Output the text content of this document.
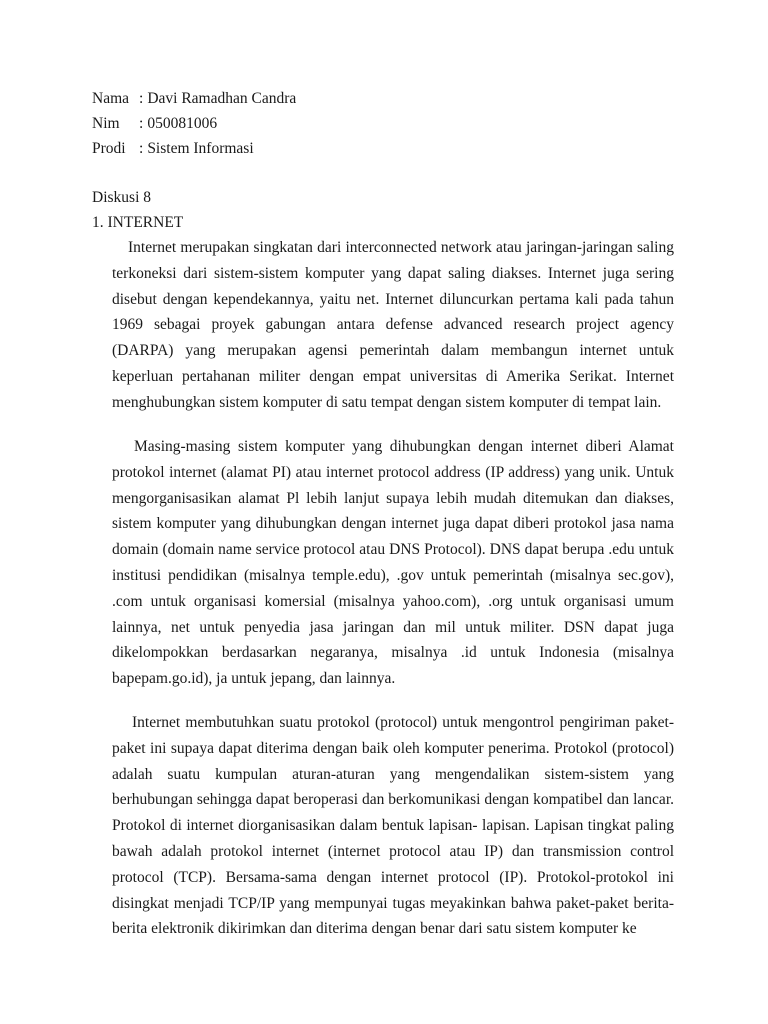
Nama : Davi Ramadhan Candra
Nim	: 050081006
Prodi : Sistem Informasi
Diskusi 8
1. INTERNET

Internet merupakan singkatan dari interconnected network atau jaringan-jaringan saling terkoneksi dari sistem-sistem komputer yang dapat saling diakses. Internet juga sering disebut dengan kependekannya, yaitu net. Internet diluncurkan pertama kali pada tahun 1969 sebagai proyek gabungan antara defense advanced research project agency (DARPA) yang merupakan agensi pemerintah dalam membangun internet untuk keperluan pertahanan militer dengan empat universitas di Amerika Serikat. Internet menghubungkan sistem komputer di satu tempat dengan sistem komputer di tempat lain.

Masing-masing sistem komputer yang dihubungkan dengan internet diberi Alamat protokol internet (alamat PI) atau internet protocol address (IP address) yang unik. Untuk mengorganisasikan alamat Pl lebih lanjut supaya lebih mudah ditemukan dan diakses, sistem komputer yang dihubungkan dengan internet juga dapat diberi protokol jasa nama domain (domain name service protocol atau DNS Protocol). DNS dapat berupa .edu untuk institusi pendidikan (misalnya temple.edu), .gov untuk pemerintah (misalnya sec.gov), .com untuk organisasi komersial (misalnya yahoo.com), .org untuk organisasi umum lainnya, net untuk penyedia jasa jaringan dan mil untuk militer. DSN dapat juga dikelompokkan berdasarkan negaranya, misalnya .id untuk Indonesia (misalnya bapepam.go.id), ja untuk jepang, dan lainnya.

Internet membutuhkan suatu protokol (protocol) untuk mengontrol pengiriman paket-paket ini supaya dapat diterima dengan baik oleh komputer penerima. Protokol (protocol) adalah suatu kumpulan aturan-aturan yang mengendalikan sistem-sistem yang berhubungan sehingga dapat beroperasi dan berkomunikasi dengan kompatibel dan lancar. Protokol di internet diorganisasikan dalam bentuk lapisan- lapisan. Lapisan tingkat paling bawah adalah protokol internet (internet protocol atau IP) dan transmission control protocol (TCP). Bersama-sama dengan internet protocol (IP). Protokol-protokol ini disingkat menjadi TCP/IP yang mempunyai tugas meyakinkan bahwa paket-paket berita-berita elektronik dikirimkan dan diterima dengan benar dari satu sistem komputer ke
